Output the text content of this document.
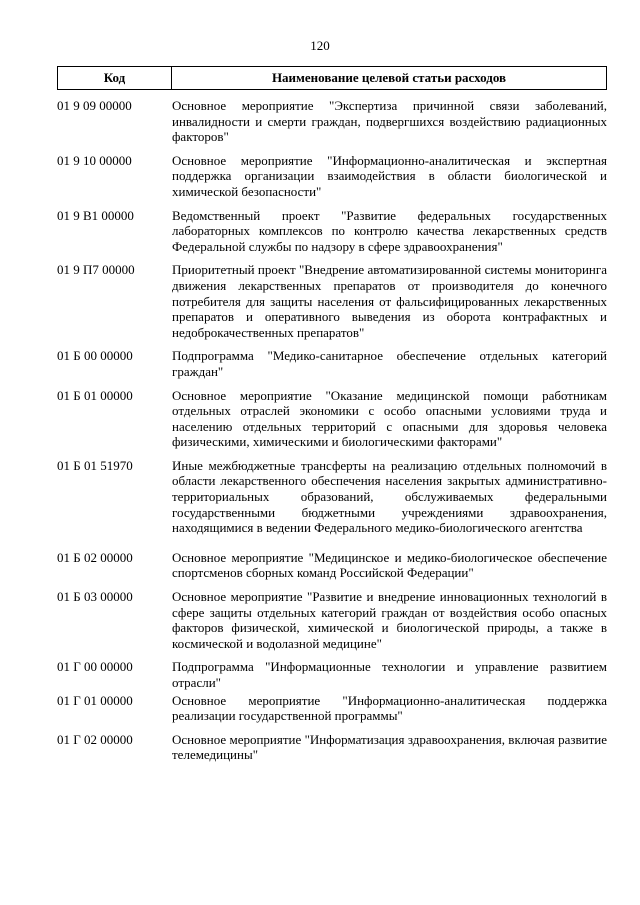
120
Код	Наименование целевой статьи расходов
01 9 09 00000	Основное мероприятие "Экспертиза причинной связи заболеваний, инвалидности и смерти граждан, подвергшихся воздействию радиационных факторов"
01 9 10 00000	Основное мероприятие "Информационно-аналитическая и экспертная поддержка организации взаимодействия в области биологической и химической безопасности"
01 9 В1 00000	Ведомственный проект "Развитие федеральных государственных лабораторных комплексов по контролю качества лекарственных средств Федеральной службы по надзору в сфере здравоохранения"
01 9 П7 00000	Приоритетный проект "Внедрение автоматизированной системы мониторинга движения лекарственных препаратов от производителя до конечного потребителя для защиты населения от фальсифицированных лекарственных препаратов и оперативного выведения из оборота контрафактных и недоброкачественных препаратов"
01 Б 00 00000	Подпрограмма "Медико-санитарное обеспечение отдельных категорий граждан"
01 Б 01 00000	Основное мероприятие "Оказание медицинской помощи работникам отдельных отраслей экономики с особо опасными условиями труда и населению отдельных территорий с опасными для здоровья человека физическими, химическими и биологическими факторами"
01 Б 01 51970	Иные межбюджетные трансферты на реализацию отдельных полномочий в области лекарственного обеспечения населения закрытых административно-территориальных образований, обслуживаемых федеральными государственными бюджетными учреждениями здравоохранения, находящимися в ведении Федерального медико-биологического агентства
01 Б 02 00000	Основное мероприятие "Медицинское и медико-биологическое обеспечение спортсменов сборных команд Российской Федерации"
01 Б 03 00000	Основное мероприятие "Развитие и внедрение инновационных технологий в сфере защиты отдельных категорий граждан от воздействия особо опасных факторов физической, химической и биологической природы, а также в космической и водолазной медицине"
01 Г 00 00000	Подпрограмма "Информационные технологии и управление развитием отрасли"
01 Г 01 00000	Основное мероприятие "Информационно-аналитическая поддержка реализации государственной программы"
01 Г 02 00000	Основное мероприятие "Информатизация здравоохранения, включая развитие телемедицины"
